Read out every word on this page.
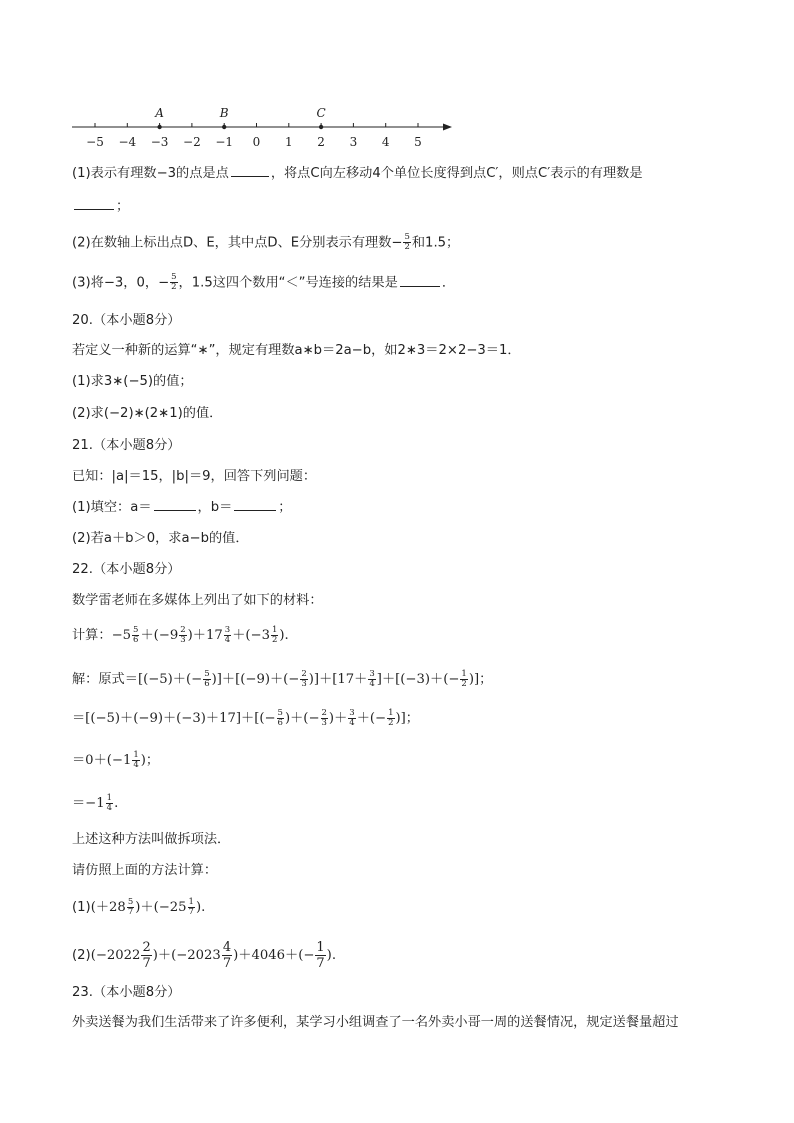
−5 −4 −3 −2 −1 0 1 2 3 4 5
A	B	C
(1)表示有理数−3的点是点	，将点C向左移动4个单位长度得到点C′，则点C′表示的有理数是
；
(2)在数轴上标出点D、E，其中点D、E分别表示有理数− $\frac{5}{2}$ 和1.5；
(3)将−3，0，− $\frac{5}{2}$ ，1.5这四个数用“＜”号连接的结果是	．
20.（本小题8分）
若定义一种新的运算“∗”，规定有理数a∗b＝2a−b，如2∗3＝2×2−3＝1．
(1)求3∗(−5)的值；
(2)求(−2)∗(2∗1)的值．
21.（本小题8分）
已知：|a|＝15，|b|＝9，回答下列问题：
(1)填空：a＝	，b＝	；
(2)若a＋b＞0，求a−b的值．
22.（本小题8分）
数学雷老师在多媒体上列出了如下的材料：
计算：$-5 \frac{5}{6} +(-9 \frac{2}{3} )+17 \frac{3}{4} +(-3 \frac{1}{2}$ ).
解：原式$=[(-5)+(- \frac{5}{6} )]+[(-9)+(- \frac{2}{3} )]+[17+ \frac{3}{4} ]+[(-3)+(- \frac{1}{2}$ )]；
$=[(-5)+(-9)+(-3)+17]+[(- \frac{5}{6}$ )＋(− $\frac{2}{3}$ )＋ $\frac{3}{4}$ ＋(− $\frac{1}{2}$ )]；
$=0+(-1 \frac{1}{4}$ )；
$=-1 \frac{1}{4}$ .
上述这种方法叫做拆项法．
请仿照上面的方法计算：
$(1)(+28 \frac{5}{7} )+(-25 \frac{1}{7}$ ).
$(2)(-2022 \frac{2}{7} )+(-2023 \frac{4}{7} )+4046+(- \frac{1}{7}$ ).
23.（本小题8分）
外卖送餐为我们生活带来了许多便利，某学习小组调查了一名外卖小哥一周的送餐情况，规定送餐量超过
